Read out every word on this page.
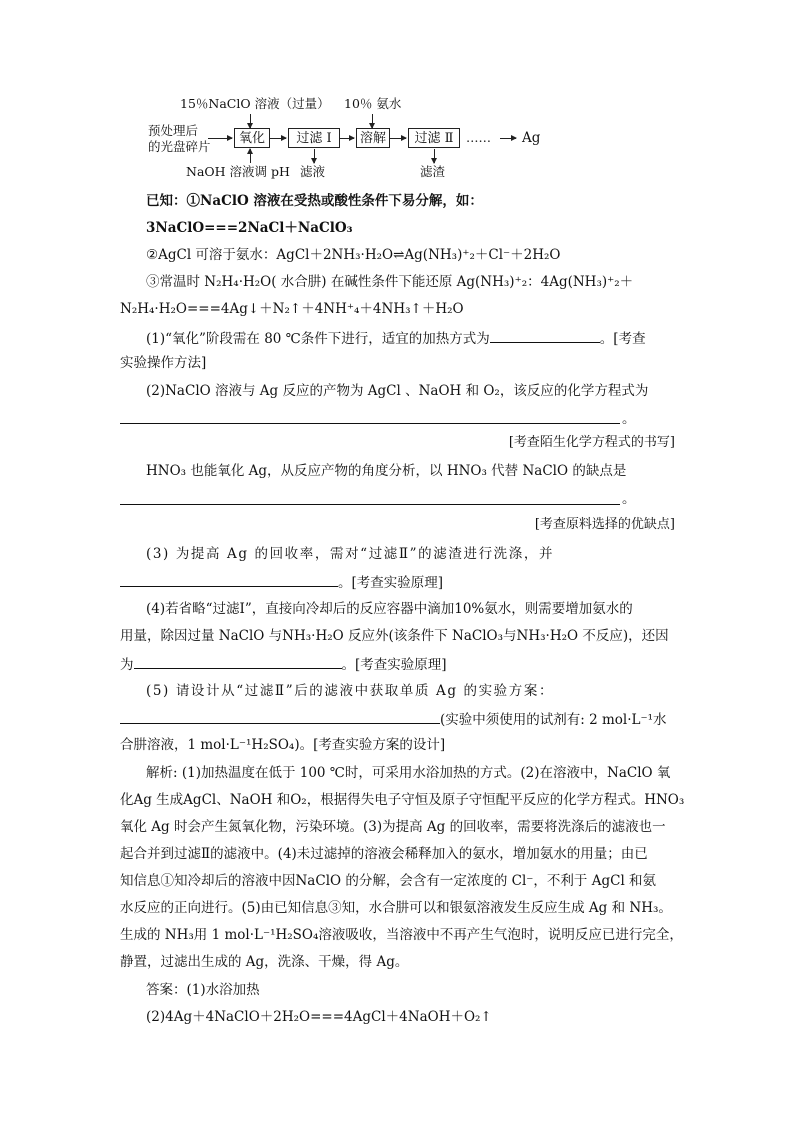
15％NaClO 溶液（过量） 10％ 氨水
预处理后
的光盘碎片
氧化	过滤 Ⅰ	溶解	过滤 Ⅱ	…… Ag
NaOH 溶液调 pH 滤液	滤渣
已知：①NaClO 溶液在受热或酸性条件下易分解，如：
3NaClO===2NaCl＋NaClO₃
②AgCl 可溶于氨水：AgCl＋2NH₃·H₂O⇌Ag(NH₃)⁺₂＋Cl⁻＋2H₂O
③常温时 N₂H₄·H₂O( 水合肼) 在碱性条件下能还原 Ag(NH₃)⁺₂：4Ag(NH₃)⁺₂＋
N₂H₄·H₂O===4Ag↓＋N₂↑＋4NH⁺₄＋4NH₃↑＋H₂O
(1)“氧化”阶段需在 80 ℃条件下进行，适宜的加热方式为	。[考查
实验操作方法]
(2)NaClO 溶液与 Ag 反应的产物为 AgCl 、NaOH 和 O₂，该反应的化学方程式为
。
[考查陌生化学方程式的书写]
HNO₃ 也能氧化 Ag，从反应产物的角度分析，以 HNO₃ 代替 NaClO 的缺点是
。
[考查原料选择的优缺点]
(3) 为提高 Ag 的回收率，需对“过滤Ⅱ”的滤渣进行洗涤，并
。[考查实验原理]
(4)若省略“过滤Ⅰ”，直接向冷却后的反应容器中滴加10%氨水，则需要增加氨水的
用量，除因过量 NaClO 与NH₃·H₂O 反应外(该条件下 NaClO₃与NH₃·H₂O 不反应)，还因
为	。[考查实验原理]
(5) 请设计从“过滤Ⅱ”后的滤液中获取单质 Ag 的实验方案：
(实验中须使用的试剂有: 2 mol·L⁻¹水
合肼溶液，1 mol·L⁻¹H₂SO₄)。[考查实验方案的设计]
解析: (1)加热温度在低于 100 ℃时，可采用水浴加热的方式。(2)在溶液中，NaClO 氧
化Ag 生成AgCl、NaOH 和O₂，根据得失电子守恒及原子守恒配平反应的化学方程式。HNO₃
氧化 Ag 时会产生氮氧化物，污染环境。(3)为提高 Ag 的回收率，需要将洗涤后的滤液也一
起合并到过滤Ⅱ的滤液中。(4)未过滤掉的溶液会稀释加入的氨水，增加氨水的用量；由已
知信息①知冷却后的溶液中因NaClO 的分解，会含有一定浓度的 Cl⁻，不利于 AgCl 和氨
水反应的正向进行。(5)由已知信息③知，水合肼可以和银氨溶液发生反应生成 Ag 和 NH₃。
生成的 NH₃用 1 mol·L⁻¹H₂SO₄溶液吸收，当溶液中不再产生气泡时，说明反应已进行完全，
静置，过滤出生成的 Ag，洗涤、干燥，得 Ag。
答案：(1)水浴加热
(2)4Ag＋4NaClO＋2H₂O===4AgCl＋4NaOH＋O₂↑
